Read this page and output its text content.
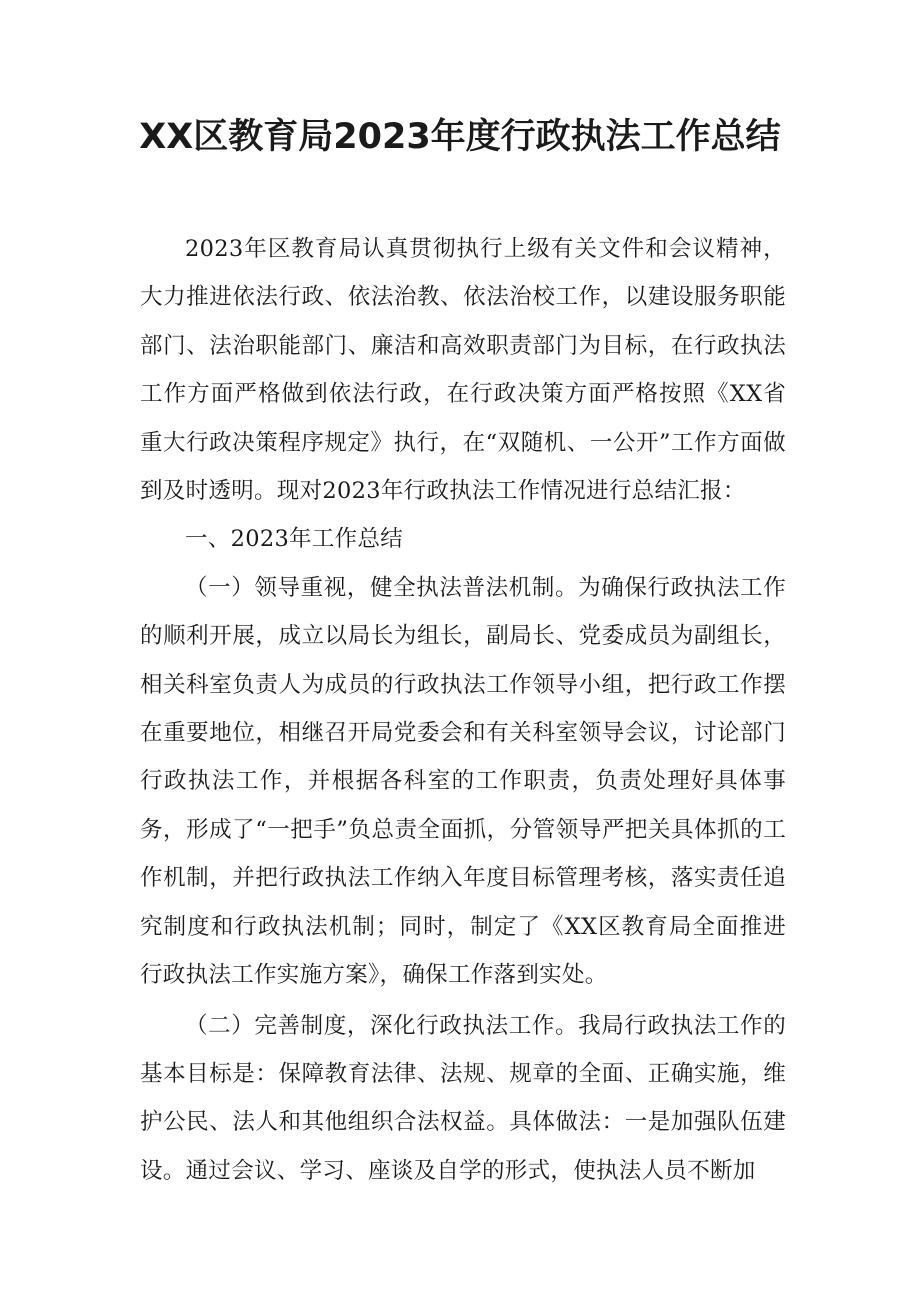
XX区教育局2023年度行政执法工作总结

2023年区教育局认真贯彻执行上级有关文件和会议精神，大力推进依法行政、依法治教、依法治校工作，以建设服务职能部门、法治职能部门、廉洁和高效职责部门为目标，在行政执法工作方面严格做到依法行政，在行政决策方面严格按照《XX省重大行政决策程序规定》执行，在“双随机、一公开”工作方面做到及时透明。现对2023年行政执法工作情况进行总结汇报：

一、2023年工作总结

（一）领导重视，健全执法普法机制。为确保行政执法工作的顺利开展，成立以局长为组长，副局长、党委成员为副组长，相关科室负责人为成员的行政执法工作领导小组，把行政工作摆在重要地位，相继召开局党委会和有关科室领导会议，讨论部门行政执法工作，并根据各科室的工作职责，负责处理好具体事务，形成了“一把手”负总责全面抓，分管领导严把关具体抓的工作机制，并把行政执法工作纳入年度目标管理考核，落实责任追究制度和行政执法机制；同时，制定了《XX区教育局全面推进行政执法工作实施方案》，确保工作落到实处。

（二）完善制度，深化行政执法工作。我局行政执法工作的基本目标是：保障教育法律、法规、规章的全面、正确实施，维护公民、法人和其他组织合法权益。具体做法：一是加强队伍建设。通过会议、学习、座谈及自学的形式，使执法人员不断加
